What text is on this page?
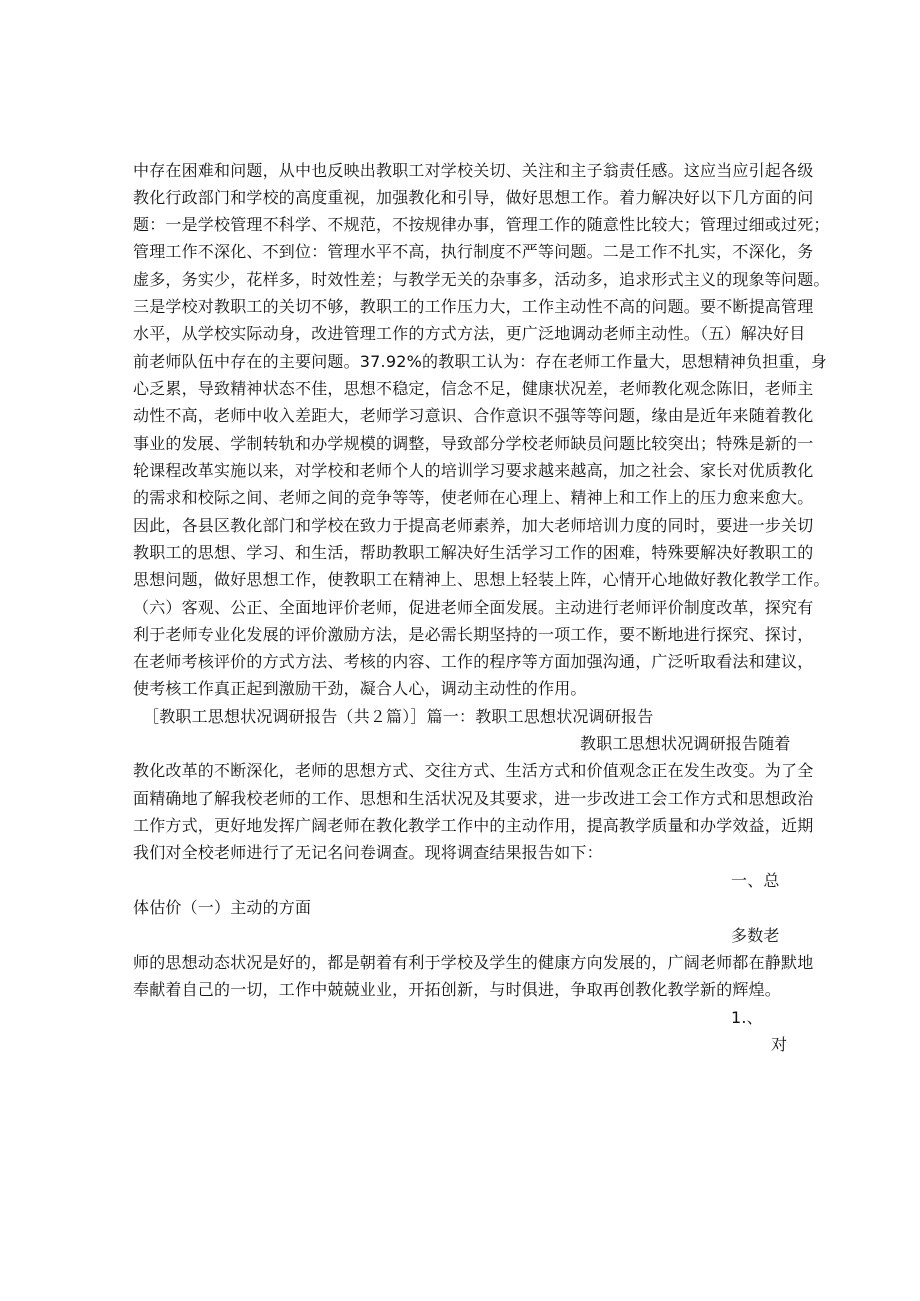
中存在困难和问题，从中也反映出教职工对学校关切、关注和主子翁责任感。这应当应引起各级
教化行政部门和学校的高度重视，加强教化和引导，做好思想工作。着力解决好以下几方面的问
题：一是学校管理不科学、不规范，不按规律办事，管理工作的随意性比较大；管理过细或过死；
管理工作不深化、不到位：管理水平不高，执行制度不严等问题。二是工作不扎实，不深化，务
虚多，务实少，花样多，时效性差；与教学无关的杂事多，活动多，追求形式主义的现象等问题。
三是学校对教职工的关切不够，教职工的工作压力大，工作主动性不高的问题。要不断提高管理
水平，从学校实际动身，改进管理工作的方式方法，更广泛地调动老师主动性。（五）解决好目
前老师队伍中存在的主要问题。37.92%的教职工认为：存在老师工作量大，思想精神负担重，身
心乏累，导致精神状态不佳，思想不稳定，信念不足，健康状况差，老师教化观念陈旧，老师主
动性不高，老师中收入差距大，老师学习意识、合作意识不强等等问题，缘由是近年来随着教化
事业的发展、学制转轨和办学规模的调整，导致部分学校老师缺员问题比较突出；特殊是新的一
轮课程改革实施以来，对学校和老师个人的培训学习要求越来越高，加之社会、家长对优质教化
的需求和校际之间、老师之间的竞争等等，使老师在心理上、精神上和工作上的压力愈来愈大。
因此，各县区教化部门和学校在致力于提高老师素养，加大老师培训力度的同时，要进一步关切
教职工的思想、学习、和生活，帮助教职工解决好生活学习工作的困难，特殊要解决好教职工的
思想问题，做好思想工作，使教职工在精神上、思想上轻装上阵，心情开心地做好教化教学工作。
（六）客观、公正、全面地评价老师，促进老师全面发展。主动进行老师评价制度改革，探究有
利于老师专业化发展的评价激励方法，是必需长期坚持的一项工作，要不断地进行探究、探讨，
在老师考核评价的方式方法、考核的内容、工作的程序等方面加强沟通，广泛听取看法和建议，
使考核工作真正起到激励干劲，凝合人心，调动主动性的作用。
［教职工思想状况调研报告（共２篇）］篇一：教职工思想状况调研报告
教职工思想状况调研报告随着
教化改革的不断深化，老师的思想方式、交往方式、生活方式和价值观念正在发生改变。为了全
面精确地了解我校老师的工作、思想和生活状况及其要求，进一步改进工会工作方式和思想政治
工作方式，更好地发挥广阔老师在教化教学工作中的主动作用，提高教学质量和办学效益，近期
我们对全校老师进行了无记名问卷调查。现将调查结果报告如下：
一、总
体估价（一）主动的方面
多数老
师的思想动态状况是好的，都是朝着有利于学校及学生的健康方向发展的，广阔老师都在静默地
奉献着自己的一切，工作中兢兢业业，开拓创新，与时俱进，争取再创教化教学新的辉煌。
1.、
对
